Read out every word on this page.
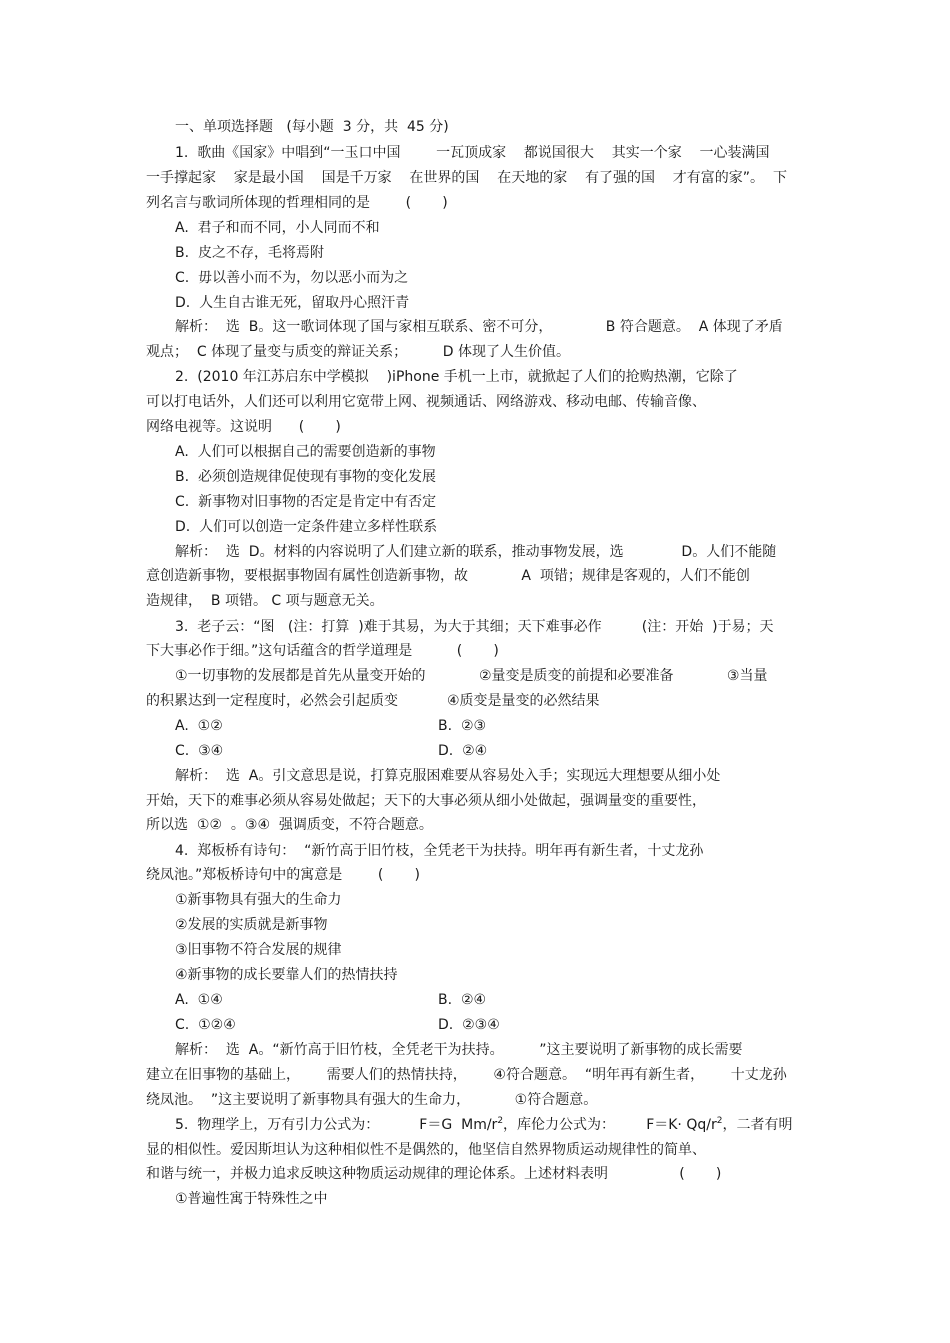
一、单项选择题   (每小题  3 分，共  45 分)
1.  歌曲《国家》中唱到“一玉口中国        一瓦顶成家    都说国很大    其实一个家    一心装满国
一手撑起家    家是最小国    国是千万家    在世界的国    在天地的家    有了强的国    才有富的家”。  下
列名言与歌词所体现的哲理相同的是        (       )
A.  君子和而不同，小人同而不和
B.  皮之不存，毛将焉附
C.  毋以善小而不为，勿以恶小而为之
D.  人生自古谁无死，留取丹心照汗青
解析：  选  B。这一歌词体现了国与家相互联系、密不可分，            B 符合题意。  A 体现了矛盾
观点；  C 体现了量变与质变的辩证关系；        D 体现了人生价值。
2.  (2010 年江苏启东中学模拟    )iPhone 手机一上市，就掀起了人们的抢购热潮，它除了
可以打电话外，人们还可以利用它宽带上网、视频通话、网络游戏、移动电邮、传输音像、
网络电视等。这说明      (       )
A.  人们可以根据自己的需要创造新的事物
B.  必须创造规律促使现有事物的变化发展
C.  新事物对旧事物的否定是肯定中有否定
D.  人们可以创造一定条件建立多样性联系
解析：  选  D。材料的内容说明了人们建立新的联系，推动事物发展，选             D。人们不能随
意创造新事物，要根据事物固有属性创造新事物，故            A  项错；规律是客观的，人们不能创
造规律，  B 项错。 C 项与题意无关。
3.  老子云：“图   (注：打算  )难于其易，为大于其细；天下难事必作         (注：开始  )于易；天
下大事必作于细。”这句话蕴含的哲学道理是          (       )
①一切事物的发展都是首先从量变开始的            ②量变是质变的前提和必要准备            ③当量
的积累达到一定程度时，必然会引起质变           ④质变是量变的必然结果
A.  ①②	B.  ②③
C.  ③④	D.  ②④
解析：  选  A。引文意思是说，打算克服困难要从容易处入手；实现远大理想要从细小处
开始，天下的难事必须从容易处做起；天下的大事必须从细小处做起，强调量变的重要性，
所以选  ①②  。③④  强调质变，不符合题意。
4.  郑板桥有诗句：  “新竹高于旧竹枝，全凭老干为扶持。明年再有新生者，十丈龙孙
绕凤池。”郑板桥诗句中的寓意是        (       )
①新事物具有强大的生命力
②发展的实质就是新事物
③旧事物不符合发展的规律
④新事物的成长要靠人们的热情扶持
A.  ①④	B.  ②④
C.  ①②④	D.  ②③④
解析：  选  A。“新竹高于旧竹枝，全凭老干为扶持。        ”这主要说明了新事物的成长需要
建立在旧事物的基础上，      需要人们的热情扶持，      ④符合题意。  “明年再有新生者，      十丈龙孙
绕凤池。  ”这主要说明了新事物具有强大的生命力，          ①符合题意。
5.  物理学上，万有引力公式为：         F＝G  $Mm/r^2$，库伦力公式为：       $F=K\cdot Qq/r^2$，二者有明
显的相似性。爱因斯坦认为这种相似性不是偶然的，他坚信自然界物质运动规律性的简单、
和谐与统一，并极力追求反映这种物质运动规律的理论体系。上述材料表明                (       )
①普遍性寓于特殊性之中
